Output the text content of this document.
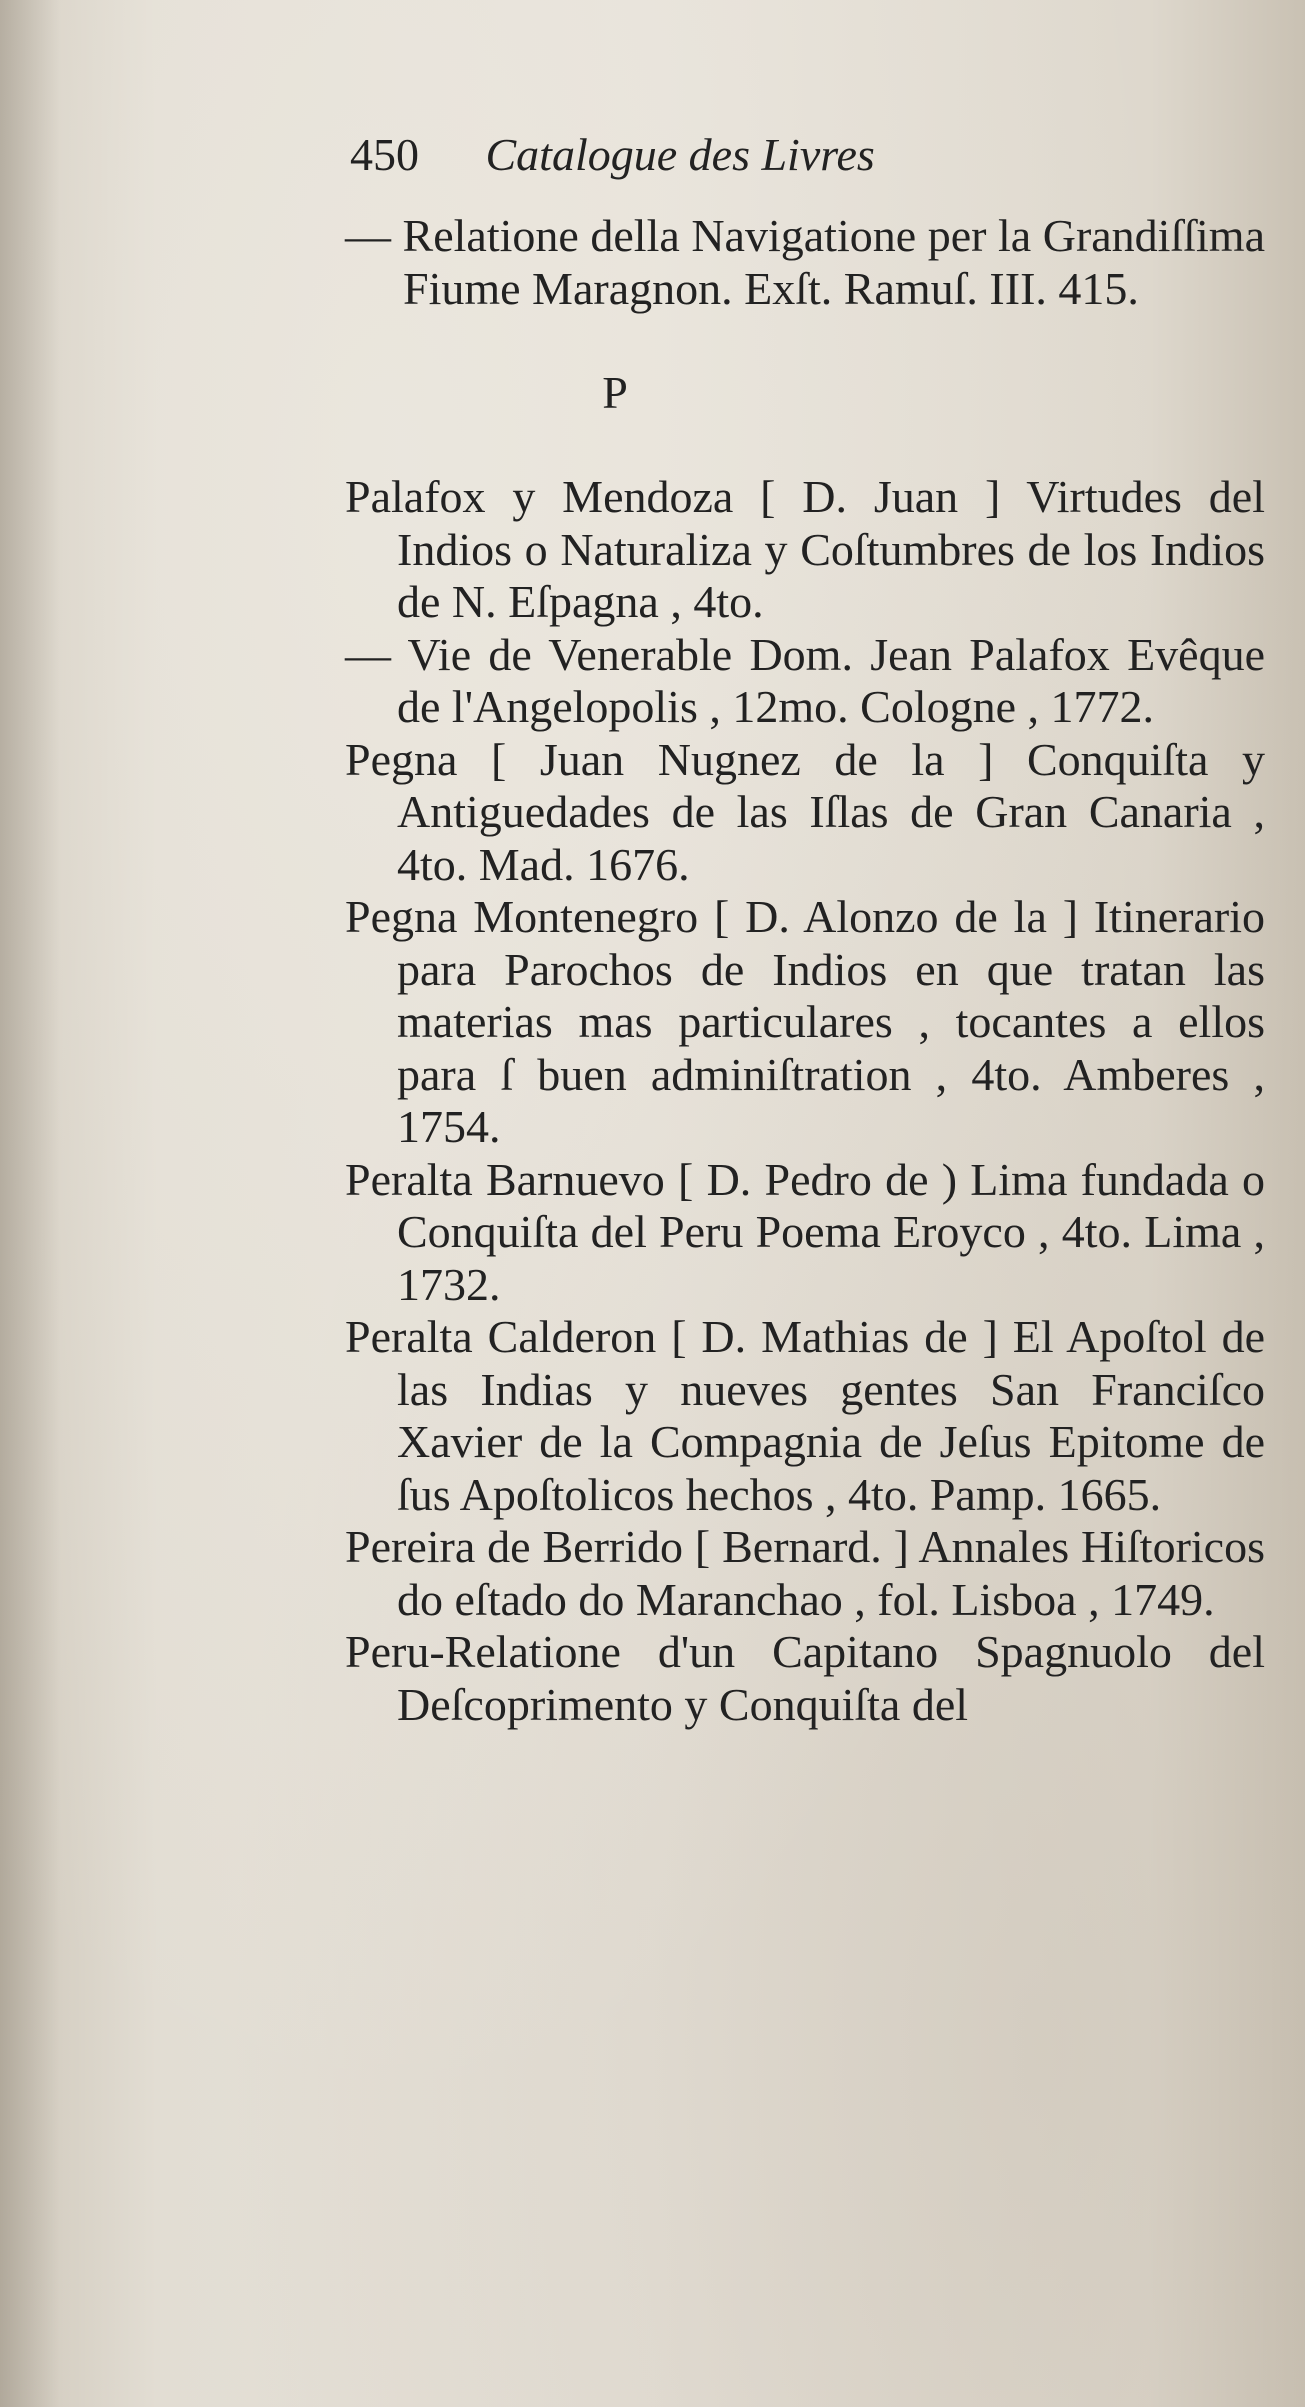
450 Catalogue des Livres
— Relatione della Navigatione per la Grandiſſima Fiume Maragnon. Exſt. Ramuſ. III. 415.
P
Palafox y Mendoza [ D. Juan ] Virtudes del Indios o Naturaliza y Coſtumbres de los Indios de N. Eſpagna , 4to.
— Vie de Venerable Dom. Jean Palafox Evêque de l'Angelopolis , 12mo. Cologne , 1772.
Pegna [ Juan Nugnez de la ] Conquiſta y Antiguedades de las Iſlas de Gran Canaria , 4to. Mad. 1676.
Pegna Montenegro [ D. Alonzo de la ] Itinerario para Parochos de Indios en que tratan las materias mas particulares , tocantes a ellos para ſ buen adminiſtration , 4to. Amberes , 1754.
Peralta Barnuevo [ D. Pedro de ) Lima fundada o Conquiſta del Peru Poema Eroyco , 4to. Lima , 1732.
Peralta Calderon [ D. Mathias de ] El Apoſtol de las Indias y nueves gentes San Franciſco Xavier de la Compagnia de Jeſus Epitome de ſus Apoſtolicos hechos , 4to. Pamp. 1665.
Pereira de Berrido [ Bernard. ] Annales Hiſtoricos do eſtado do Maranchao , fol. Lisboa , 1749.
Peru-Relatione d'un Capitano Spagnuolo del Deſcoprimento y Conquiſta del
